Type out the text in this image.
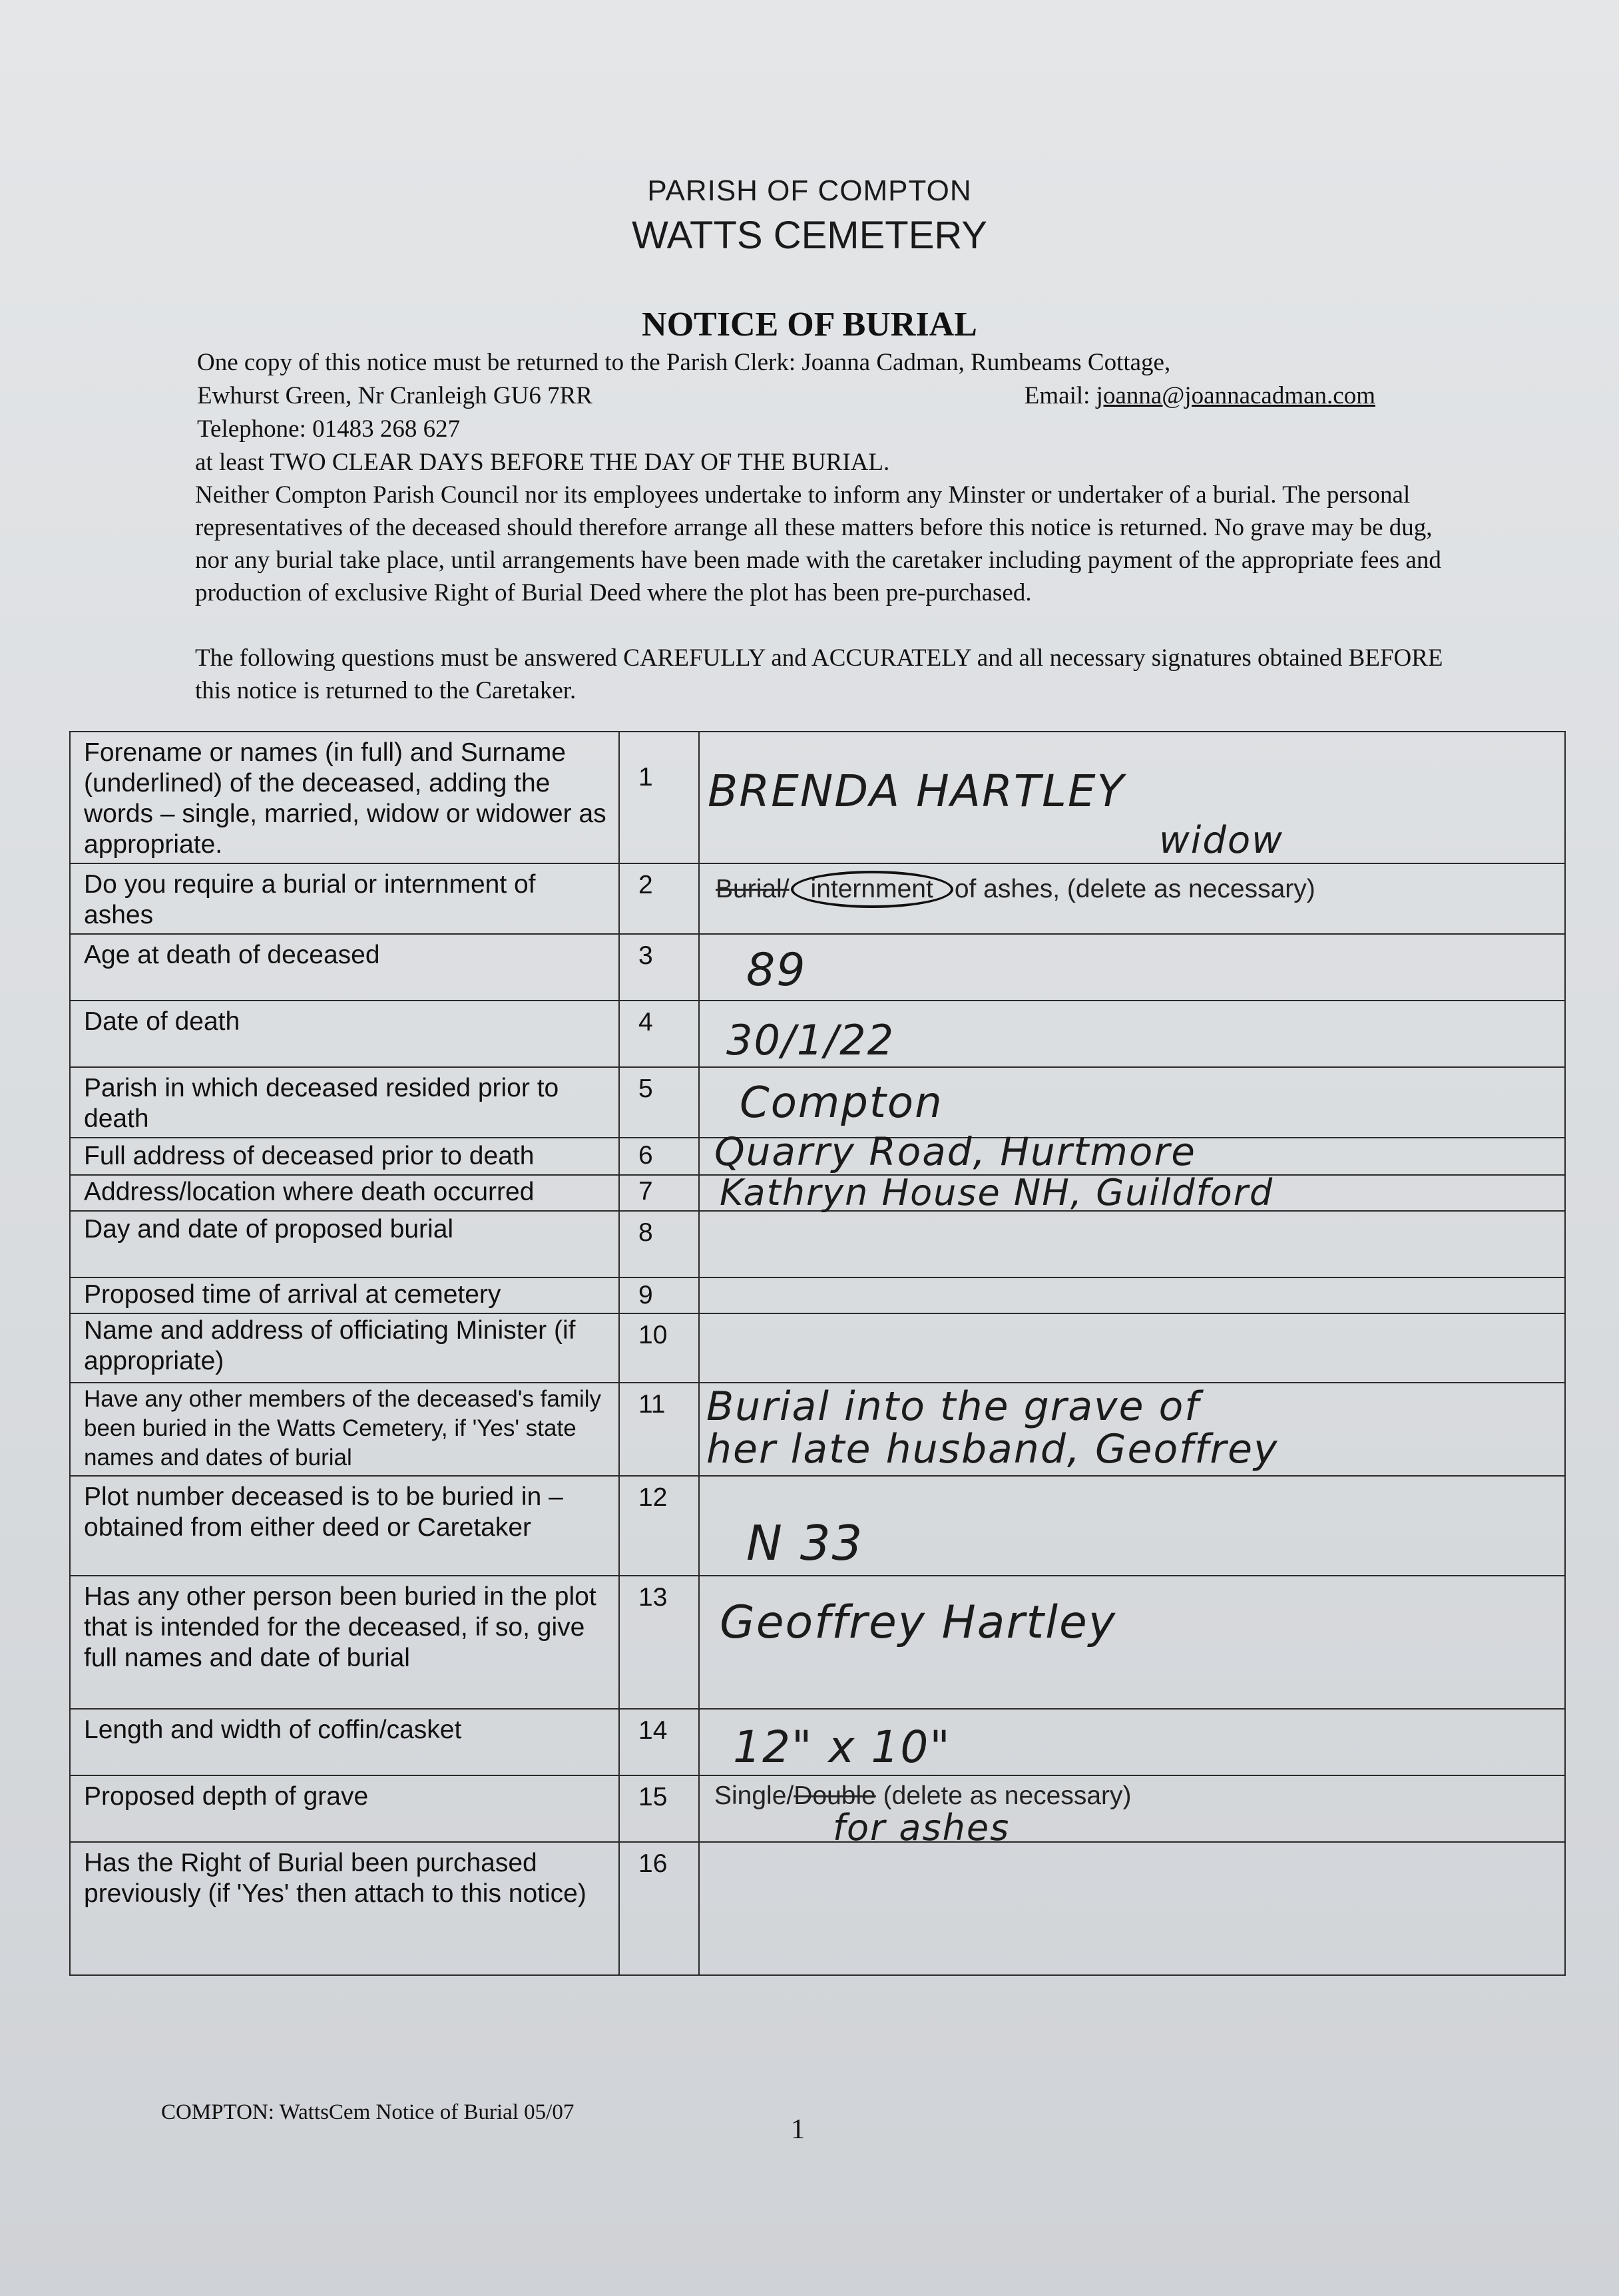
PARISH OF COMPTON
WATTS CEMETERY
NOTICE OF BURIAL
One copy of this notice must be returned to the Parish Clerk: Joanna Cadman, Rumbeams Cottage,
Ewhurst Green, Nr Cranleigh GU6 7RR	Email: joanna@joannacadman.com
Telephone: 01483 268 627
at least TWO CLEAR DAYS BEFORE THE DAY OF THE BURIAL.
Neither Compton Parish Council nor its employees undertake to inform any Minster or undertaker of a burial. The personal representatives of the deceased should therefore arrange all these matters before this notice is returned. No grave may be dug, nor any burial take place, until arrangements have been made with the caretaker including payment of the appropriate fees and production of exclusive Right of Burial Deed where the plot has been pre-purchased.
The following questions must be answered CAREFULLY and ACCURATELY and all necessary signatures obtained BEFORE this notice is returned to the Caretaker.
Forename or names (in full) and Surname (underlined) of the deceased, adding the words – single, married, widow or widower as appropriate.	1	BRENDA HARTLEY
widow

Do you require a burial or internment of ashes	2	Burial/ internment of ashes, (delete as necessary)

Age at death of deceased	3	89

Date of death	4	30/1/22

Parish in which deceased resided prior to death	5	Compton

Full address of deceased prior to death	6	Quarry Road, Hurtmore

Address/location where death occurred	7	Kathryn House NH, Guildford

Day and date of proposed burial	8	
Proposed time of arrival at cemetery	9	
Name and address of officiating Minister (if appropriate)	10	
Have any other members of the deceased's family been buried in the Watts Cemetery, if 'Yes' state names and dates of burial	11	Burial into the grave of
her late husband, Geoffrey

Plot number deceased is to be buried in – obtained from either deed or Caretaker	12	N 33

Has any other person been buried in the plot that is intended for the deceased, if so, give full names and date of burial	13	Geoffrey Hartley

Length and width of coffin/casket	14	12" x 10"

Proposed depth of grave	15	Single/Double (delete as necessary)
for ashes

Has the Right of Burial been purchased previously (if 'Yes' then attach to this notice)	16	
COMPTON: WattsCem Notice of Burial 05/07
1
